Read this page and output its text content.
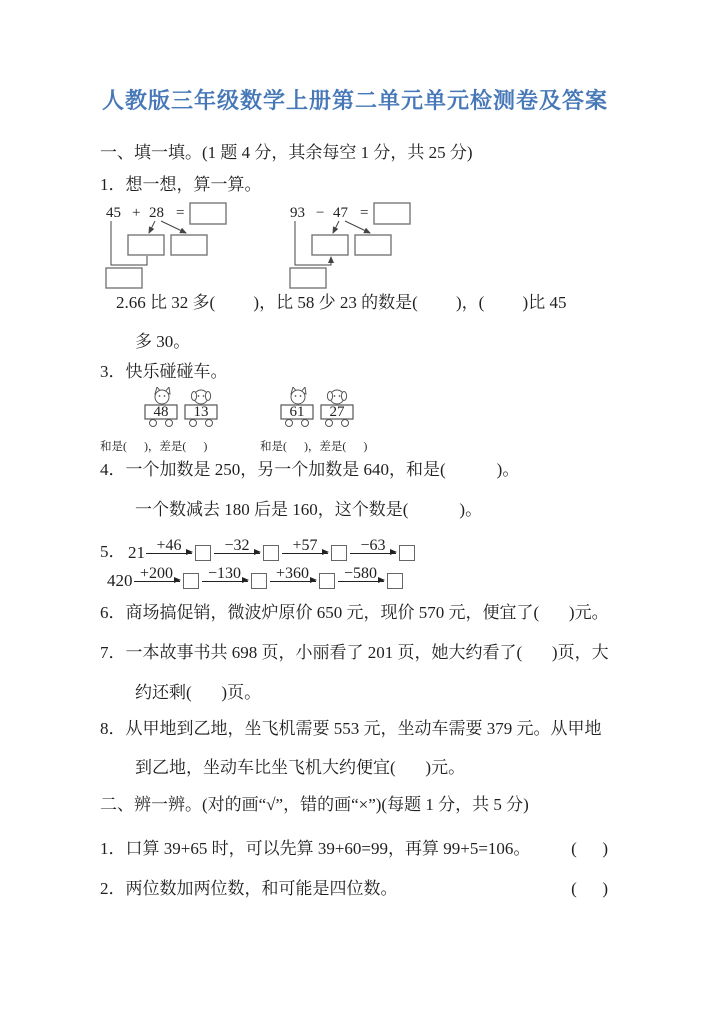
人教版三年级数学上册第二单元单元检测卷及答案
一、填一填。(1 题 4 分，其余每空 1 分，共 25 分)
1．想一想，算一算。
45 + 28 =	93 − 47 =
2.66 比 32 多(         )，比 58 少 23 的数是(         )，(         )比 45
多 30。
3．快乐碰碰车。
48 13
和是(      )，差是(      )
61 27
和是(      )，差是(      )
4．一个加数是 250，另一个加数是 640，和是(            )。
一个数减去 180 后是 160，这个数是(            )。
5． 21 +46	−32	+57	−63
420 +200	−130	+360	−580
6．商场搞促销，微波炉原价 650 元，现价 570 元，便宜了(       )元。
7．一本故事书共 698 页，小丽看了 201 页，她大约看了(       )页，大
约还剩(       )页。
8．从甲地到乙地，坐飞机需要 553 元，坐动车需要 379 元。从甲地
到乙地，坐动车比坐飞机大约便宜(       )元。
二、辨一辨。(对的画“√”，错的画“×”)(每题 1 分，共 5 分)
1．口算 39+65 时，可以先算 39+60=99，再算 99+5=106。 (      )
2．两位数加两位数，和可能是四位数。	(      )
